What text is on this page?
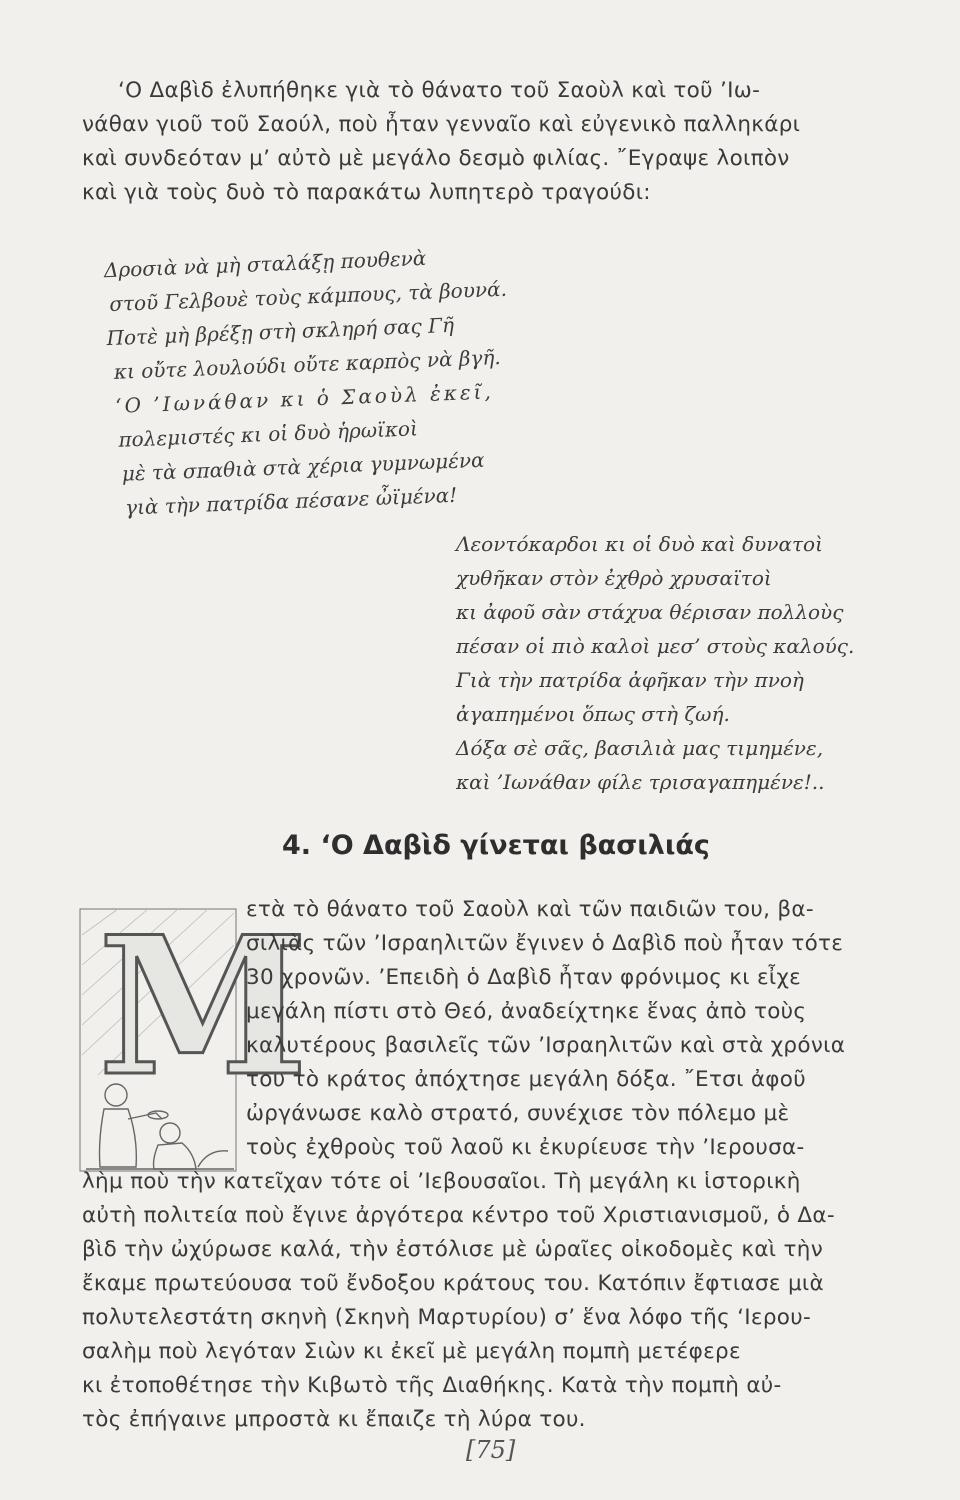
‘Ο Δαβὶδ ἐλυπήθηκε γιὰ τὸ θάνατο τοῦ Σαοὺλ καὶ τοῦ ’Ιω-
νάθαν γιοῦ τοῦ Σαούλ, ποὺ ἦταν γενναῖο καὶ εὐγενικὸ παλληκάρι
καὶ συνδεόταν μ’ αὐτὸ μὲ μεγάλο δεσμὸ φιλίας. ῎Εγραψε λοιπὸν
καὶ γιὰ τοὺς δυὸ τὸ παρακάτω λυπητερὸ τραγούδι:
Δροσιὰ νὰ μὴ σταλάξῃ πουθενὰ
στοῦ Γελβουὲ τοὺς κάμπους, τὰ βουνά.
Ποτὲ μὴ βρέξῃ στὴ σκληρή σας Γῆ
κι οὔτε λουλούδι οὔτε καρπὸς νὰ βγῆ.
‘Ο ’Ιωνάθαν κι ὁ Σαοὺλ ἐκεῖ,
πολεμιστές κι οἱ δυὸ ἡρωϊκοὶ
μὲ τὰ σπαθιὰ στὰ χέρια γυμνωμένα
γιὰ τὴν πατρίδα πέσανε ὦϊμένα!
Λεοντόκαρδοι κι οἱ δυὸ καὶ δυνατοὶ
χυθῆκαν στὸν ἐχθρὸ χρυσαϊτοὶ
κι ἀφοῦ σὰν στάχυα θέρισαν πολλοὺς
πέσαν οἱ πιὸ καλοὶ μεσ’ στοὺς καλούς.
Γιὰ τὴν πατρίδα ἀφῆκαν τὴν πνοὴ
ἀγαπημένοι ὅπως στὴ ζωή.
Δόξα σὲ σᾶς, βασιλιὰ μας τιμημένε,
καὶ ’Ιωνάθαν φίλε τρισαγαπημένε!..
4. ‘Ο Δαβὶδ γίνεται βασιλιάς
M
ετὰ τὸ θάνατο τοῦ Σαοὺλ καὶ τῶν παιδιῶν του, βα-
σιλιὰς τῶν ’Ισραηλιτῶν ἔγινεν ὁ Δαβὶδ ποὺ ἦταν τότε
30 χρονῶν. ’Επειδὴ ὁ Δαβὶδ ἦταν φρόνιμος κι εἶχε
μεγάλη πίστι στὸ Θεό, ἀναδείχτηκε ἕνας ἀπὸ τοὺς
καλυτέρους βασιλεῖς τῶν ’Ισραηλιτῶν καὶ στὰ χρόνια
του τὸ κράτος ἀπόχτησε μεγάλη δόξα. ῎Ετσι ἀφοῦ
ὠργάνωσε καλὸ στρατό, συνέχισε τὸν πόλεμο μὲ
τοὺς ἐχθροὺς τοῦ λαοῦ κι ἐκυρίευσε τὴν ’Ιερουσα-
λὴμ ποὺ τὴν κατεῖχαν τότε οἱ ’Ιεβουσαῖοι. Τὴ μεγάλη κι ἱστορικὴ
αὐτὴ πολιτεία ποὺ ἔγινε ἀργότερα κέντρο τοῦ Χριστιανισμοῦ, ὁ Δα-
βὶδ τὴν ὠχύρωσε καλά, τὴν ἐστόλισε μὲ ὡραῖες οἰκοδομὲς καὶ τὴν
ἔκαμε πρωτεύουσα τοῦ ἔνδοξου κράτους του. Κατόπιν ἔφτιασε μιὰ
πολυτελεστάτη σκηνὴ (Σκηνὴ Μαρτυρίου) σ’ ἕνα λόφο τῆς ‘Ιερου-
σαλὴμ ποὺ λεγόταν Σιὼν κι ἐκεῖ μὲ μεγάλη πομπὴ μετέφερε
κι ἐτοποθέτησε τὴν Κιβωτὸ τῆς Διαθήκης. Κατὰ τὴν πομπὴ αὐ-
τὸς ἐπήγαινε μπροστὰ κι ἔπαιζε τὴ λύρα του.
[75]
